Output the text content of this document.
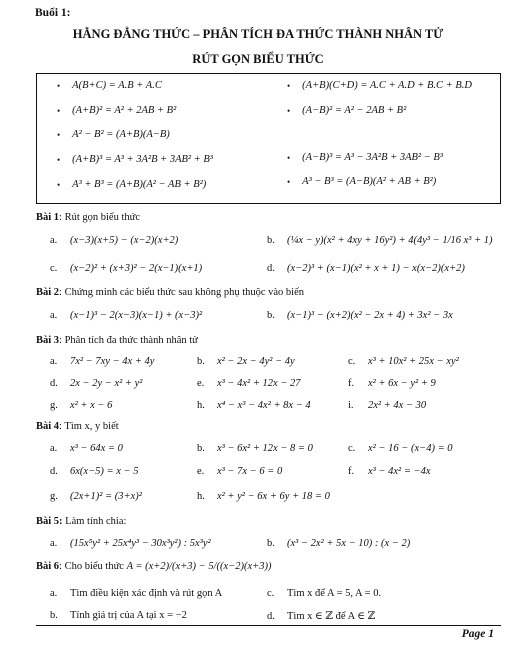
Buổi 1:
HẰNG ĐẲNG THỨC – PHÂN TÍCH ĐA THỨC THÀNH NHÂN TỬ
RÚT GỌN BIỂU THỨC
• A(B+C) = A.B + A.C
• (A+B)² = A² + 2AB + B²
• A² − B² = (A+B)(A−B)
• (A+B)³ = A³ + 3A²B + 3AB² + B³
• A³ + B³ = (A+B)(A² − AB + B²)
• (A+B)(C+D) = A.C + A.D + B.C + B.D
• (A−B)² = A² − 2AB + B²
• (A−B)³ = A³ − 3A²B + 3AB² − B³
• A³ − B³ = (A−B)(A² + AB + B²)
Bài 1: Rút gọn biểu thức
a. (x−3)(x+5) − (x−2)(x+2)	b. (¼x − y)(x² + 4xy + 16y²) + 4(4y³ − 1/16 x³ + 1)
c. (x−2)² + (x+3)² − 2(x−1)(x+1)	d. (x−2)³ + (x−1)(x² + x + 1) − x(x−2)(x+2)
Bài 2: Chứng minh các biểu thức sau không phụ thuộc vào biến
a. (x−1)³ − 2(x−3)(x−1) + (x−3)²	b. (x−1)³ − (x+2)(x² − 2x + 4) + 3x² − 3x
Bài 3: Phân tích đa thức thành nhân tử
a. 7x² − 7xy − 4x + 4y	b. x² − 2x − 4y² − 4y	c. x³ + 10x² + 25x − xy²
d. 2x − 2y − x² + y²	e. x³ − 4x² + 12x − 27	f. x² + 6x − y² + 9
g. x² + x − 6	h. x⁴ − x³ − 4x² + 8x − 4	i. 2x² + 4x − 30
Bài 4: Tìm x, y biết
a. x³ − 64x = 0	b. x³ − 6x² + 12x − 8 = 0	c. x² − 16 − (x−4) = 0
d. 6x(x−5) = x − 5	e. x³ − 7x − 6 = 0	f. x³ − 4x² = −4x
g. (2x+1)² = (3+x)²	h. x² + y² − 6x + 6y + 18 = 0
Bài 5: Làm tính chia:
a. (15x⁵y² + 25x⁴y³ − 30x³y²) : 5x³y²	b. (x³ − 2x² + 5x − 10) : (x − 2)
Bài 6: Cho biểu thức A = (x+2)/(x+3) − 5/((x−2)(x+3))
a. Tìm điều kiện xác định và rút gọn A	c. Tìm x để A = 5, A = 0.
b. Tính giá trị của A tại x = −2	d. Tìm x ∈ ℤ để A ∈ ℤ
Page 1
